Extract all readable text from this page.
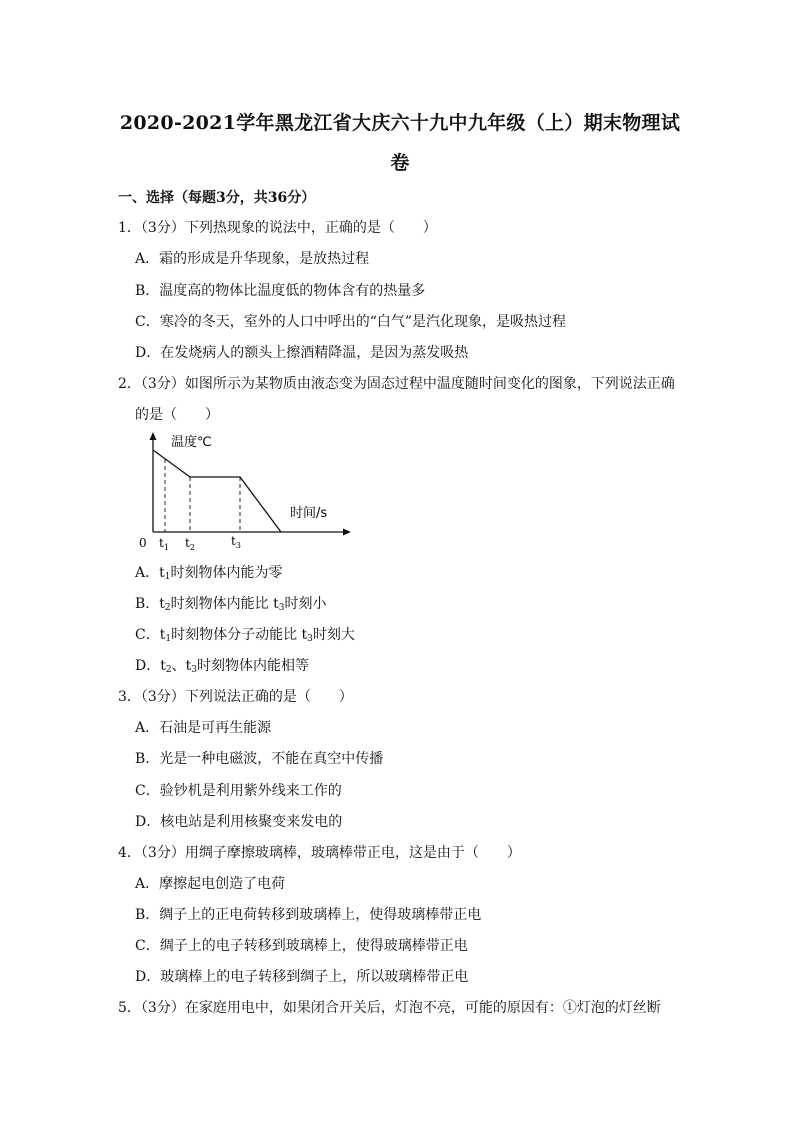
2020-2021学年黑龙江省大庆六十九中九年级（上）期末物理试
卷
一、选择（每题3分，共36分）
1．（3分）下列热现象的说法中，正确的是（　　）
A．霜的形成是升华现象，是放热过程
B．温度高的物体比温度低的物体含有的热量多
C．寒冷的冬天，室外的人口中呼出的“白气”是汽化现象，是吸热过程
D．在发烧病人的额头上擦酒精降温，是因为蒸发吸热
2．（3分）如图所示为某物质由液态变为固态过程中温度随时间变化的图象，下列说法正确
的是（　　）
温度℃
时间/s
0 $t_1$ $t_2$	$t_3$
A．$t_1$时刻物体内能为零
B．$t_2$时刻物体内能比 $t_3$时刻小
C．$t_1$时刻物体分子动能比 $t_3$时刻大
D．$t_2$、$t_3$时刻物体内能相等
3．（3分）下列说法正确的是（　　）
A．石油是可再生能源
B．光是一种电磁波，不能在真空中传播
C．验钞机是利用紫外线来工作的
D．核电站是利用核聚变来发电的
4．（3分）用绸子摩擦玻璃棒，玻璃棒带正电，这是由于（　　）
A．摩擦起电创造了电荷
B．绸子上的正电荷转移到玻璃棒上，使得玻璃棒带正电
C．绸子上的电子转移到玻璃棒上，使得玻璃棒带正电
D．玻璃棒上的电子转移到绸子上，所以玻璃棒带正电
5．（3分）在家庭用电中，如果闭合开关后，灯泡不亮，可能的原因有：①灯泡的灯丝断
